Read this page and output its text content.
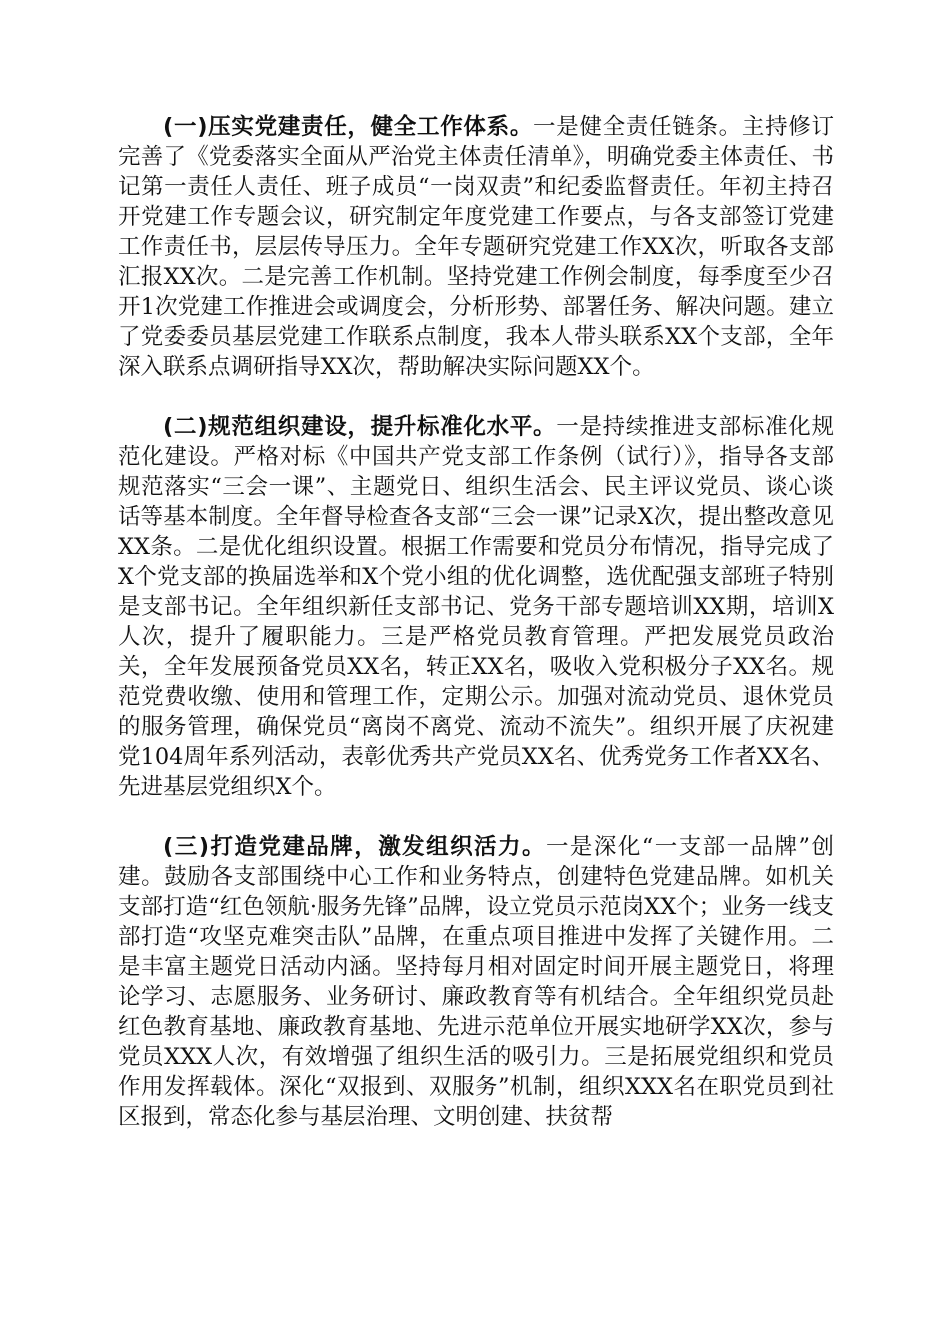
(一)压实党建责任，健全工作体系。一是健全责任链条。主持修订完善了《党委落实全面从严治党主体责任清单》，明确党委主体责任、书记第一责任人责任、班子成员“一岗双责”和纪委监督责任。年初主持召开党建工作专题会议，研究制定年度党建工作要点，与各支部签订党建工作责任书，层层传导压力。全年专题研究党建工作XX次，听取各支部汇报XX次。二是完善工作机制。坚持党建工作例会制度，每季度至少召开1次党建工作推进会或调度会，分析形势、部署任务、解决问题。建立了党委委员基层党建工作联系点制度，我本人带头联系XX个支部，全年深入联系点调研指导XX次，帮助解决实际问题XX个。

(二)规范组织建设，提升标准化水平。一是持续推进支部标准化规范化建设。严格对标《中国共产党支部工作条例（试行）》，指导各支部规范落实“三会一课”、主题党日、组织生活会、民主评议党员、谈心谈话等基本制度。全年督导检查各支部“三会一课”记录X次，提出整改意见XX条。二是优化组织设置。根据工作需要和党员分布情况，指导完成了X个党支部的换届选举和X个党小组的优化调整，选优配强支部班子特别是支部书记。全年组织新任支部书记、党务干部专题培训XX期，培训X人次，提升了履职能力。三是严格党员教育管理。严把发展党员政治关，全年发展预备党员XX名，转正XX名，吸收入党积极分子XX名。规范党费收缴、使用和管理工作，定期公示。加强对流动党员、退休党员的服务管理，确保党员“离岗不离党、流动不流失”。组织开展了庆祝建党104周年系列活动，表彰优秀共产党员XX名、优秀党务工作者XX名、先进基层党组织X个。

(三)打造党建品牌，激发组织活力。一是深化“一支部一品牌”创建。鼓励各支部围绕中心工作和业务特点，创建特色党建品牌。如机关支部打造“红色领航·服务先锋”品牌，设立党员示范岗XX个；业务一线支部打造“攻坚克难突击队”品牌，在重点项目推进中发挥了关键作用。二是丰富主题党日活动内涵。坚持每月相对固定时间开展主题党日，将理论学习、志愿服务、业务研讨、廉政教育等有机结合。全年组织党员赴红色教育基地、廉政教育基地、先进示范单位开展实地研学XX次，参与党员XXX人次，有效增强了组织生活的吸引力。三是拓展党组织和党员作用发挥载体。深化“双报到、双服务”机制，组织XXX名在职党员到社区报到，常态化参与基层治理、文明创建、扶贫帮
